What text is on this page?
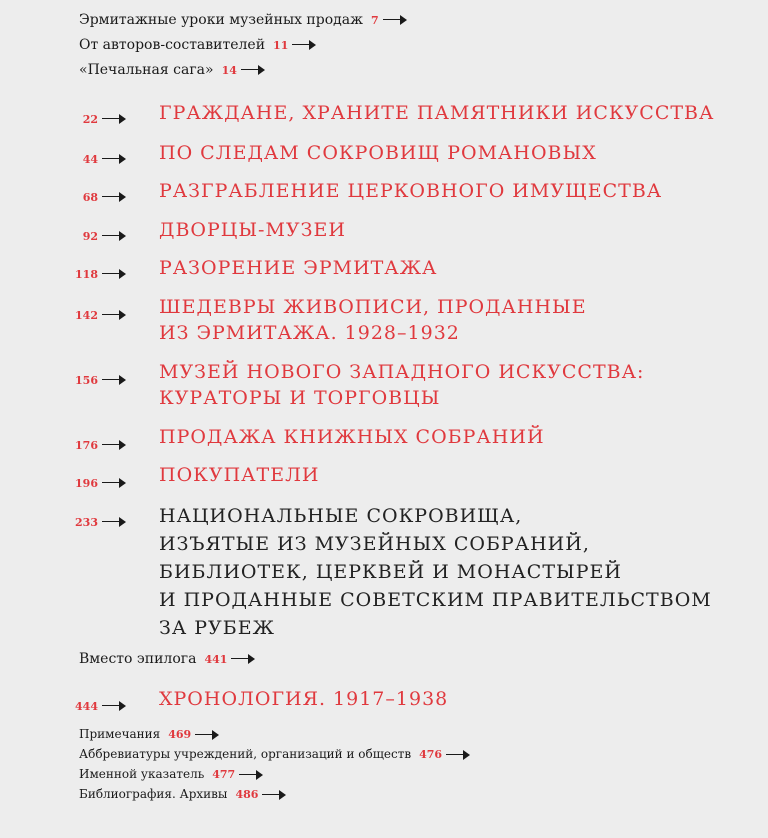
Эрмитажные уроки музейных продаж 7
От авторов-составителей 11
«Печальная сага» 14
22	ГРАЖДАНЕ, ХРАНИТЕ ПАМЯТНИКИ ИСКУССТВА
44	ПО СЛЕДАМ СОКРОВИЩ РОМАНОВЫХ
68	РАЗГРАБЛЕНИЕ ЦЕРКОВНОГО ИМУЩЕСТВА
92	ДВОРЦЫ-МУЗЕИ
118	РАЗОРЕНИЕ ЭРМИТАЖА
142	ШЕДЕВРЫ ЖИВОПИСИ, ПРОДАННЫЕ
ИЗ ЭРМИТАЖА. 1928–1932
156	МУЗЕЙ НОВОГО ЗАПАДНОГО ИСКУССТВА:
КУРАТОРЫ И ТОРГОВЦЫ
176	ПРОДАЖА КНИЖНЫХ СОБРАНИЙ
196	ПОКУПАТЕЛИ
233	НАЦИОНАЛЬНЫЕ СОКРОВИЩА,
ИЗЪЯТЫЕ ИЗ МУЗЕЙНЫХ СОБРАНИЙ,
БИБЛИОТЕК, ЦЕРКВЕЙ И МОНАСТЫРЕЙ
И ПРОДАННЫЕ СОВЕТСКИМ ПРАВИТЕЛЬСТВОМ
ЗА РУБЕЖ
Вместо эпилога 441
444	ХРОНОЛОГИЯ. 1917–1938
Примечания 469
Аббревиатуры учреждений, организаций и обществ 476
Именной указатель 477
Библиография. Архивы 486
